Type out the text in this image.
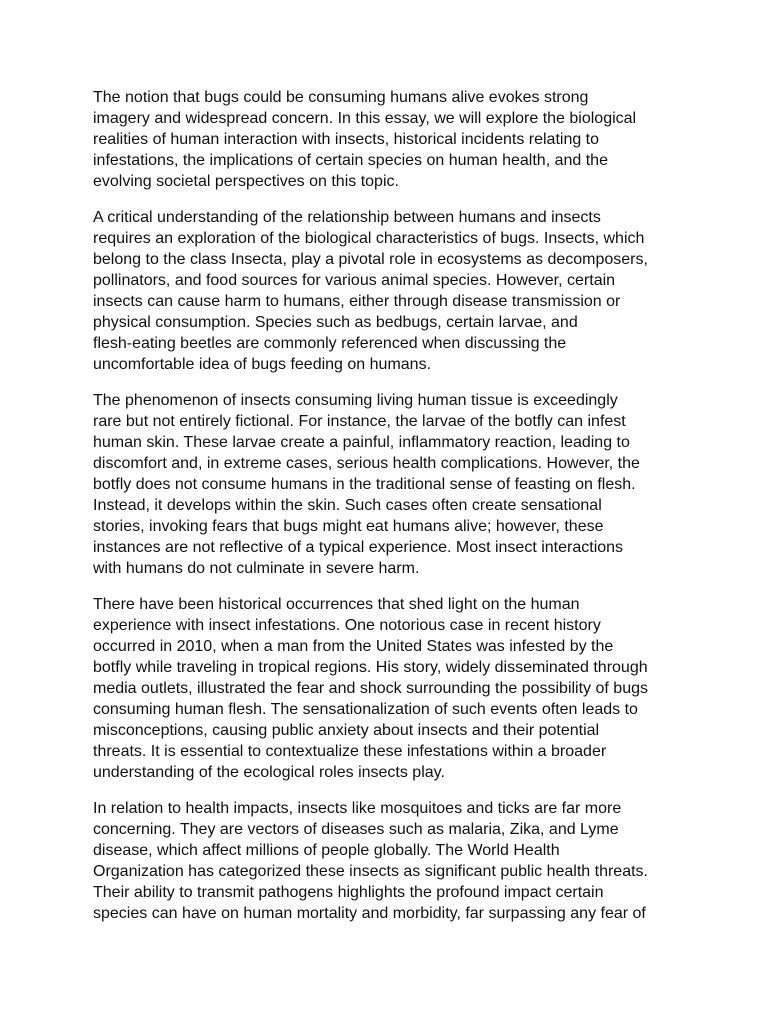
The notion that bugs could be consuming humans alive evokes strong
imagery and widespread concern. In this essay, we will explore the biological
realities of human interaction with insects, historical incidents relating to
infestations, the implications of certain species on human health, and the
evolving societal perspectives on this topic.

A critical understanding of the relationship between humans and insects
requires an exploration of the biological characteristics of bugs. Insects, which
belong to the class Insecta, play a pivotal role in ecosystems as decomposers,
pollinators, and food sources for various animal species. However, certain
insects can cause harm to humans, either through disease transmission or
physical consumption. Species such as bedbugs, certain larvae, and
flesh-eating beetles are commonly referenced when discussing the
uncomfortable idea of bugs feeding on humans.

The phenomenon of insects consuming living human tissue is exceedingly
rare but not entirely fictional. For instance, the larvae of the botfly can infest
human skin. These larvae create a painful, inflammatory reaction, leading to
discomfort and, in extreme cases, serious health complications. However, the
botfly does not consume humans in the traditional sense of feasting on flesh.
Instead, it develops within the skin. Such cases often create sensational
stories, invoking fears that bugs might eat humans alive; however, these
instances are not reflective of a typical experience. Most insect interactions
with humans do not culminate in severe harm.

There have been historical occurrences that shed light on the human
experience with insect infestations. One notorious case in recent history
occurred in 2010, when a man from the United States was infested by the
botfly while traveling in tropical regions. His story, widely disseminated through
media outlets, illustrated the fear and shock surrounding the possibility of bugs
consuming human flesh. The sensationalization of such events often leads to
misconceptions, causing public anxiety about insects and their potential
threats. It is essential to contextualize these infestations within a broader
understanding of the ecological roles insects play.

In relation to health impacts, insects like mosquitoes and ticks are far more
concerning. They are vectors of diseases such as malaria, Zika, and Lyme
disease, which affect millions of people globally. The World Health
Organization has categorized these insects as significant public health threats.
Their ability to transmit pathogens highlights the profound impact certain
species can have on human mortality and morbidity, far surpassing any fear of
